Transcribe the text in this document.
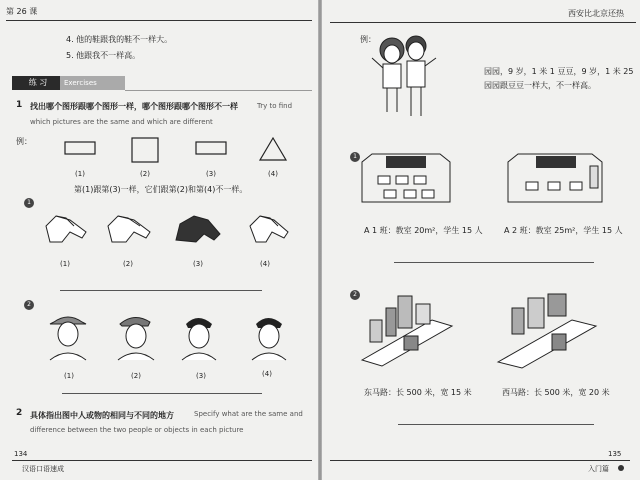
第 26 课
4. 他的鞋跟我的鞋不一样大。
5. 他跟我不一样高。
练 习	Exercises
1 找出哪个图形跟哪个图形一样，哪个图形跟哪个图形不一样	Try to find
which pictures are the same and which are different
例：
(1)	(2)	(3)	(4)
第(1)跟第(3)一样，它们跟第(2)和第(4)不一样。
1
(1)	(2)	(3)	(4)
2
(1)	(2)	(3)	(4)
2 具体指出图中人或物的相同与不同的地方	Specify what are the same and
difference between the two people or objects in each picture
134
汉语口语速成
西安比北京还热
例：
园园，9 岁，1 米 1 豆豆，9 岁，1 米 25
园园跟豆豆一样大，不一样高。
1
A 1 班：教室 20m²，学生 15 人	A 2 班：教室 25m²，学生 15 人
2
东马路：长 500 米，宽 15 米	西马路：长 500 米，宽 20 米
135
入门篇
